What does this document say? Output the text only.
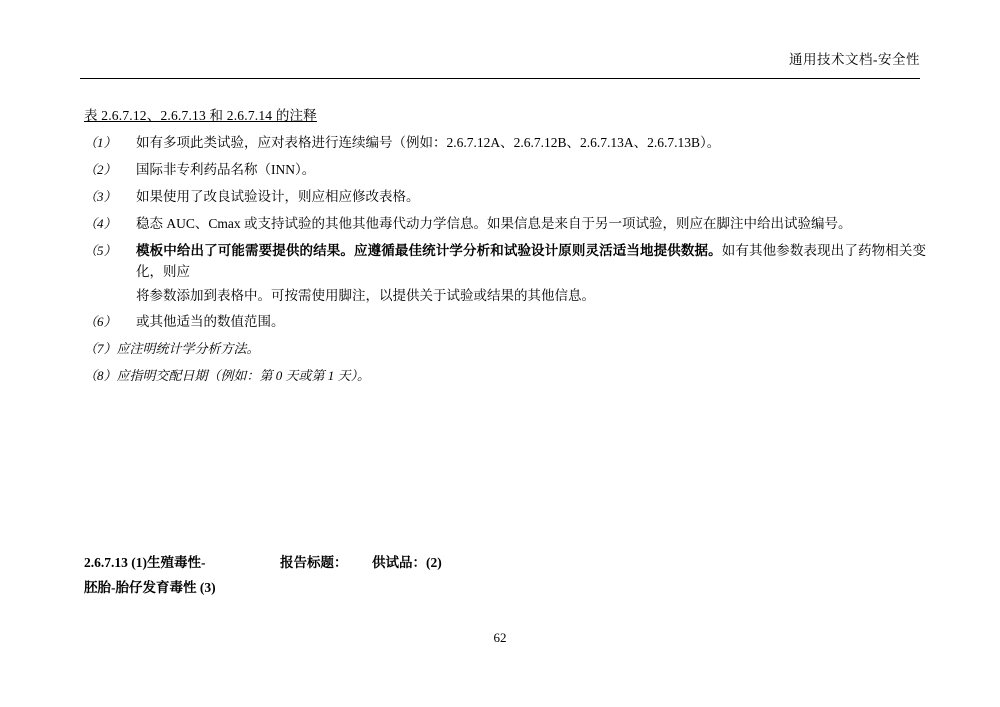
通用技术文档-安全性
表 2.6.7.12、2.6.7.13 和 2.6.7.14 的注释
（1）	如有多项此类试验，应对表格进行连续编号（例如：2.6.7.12A、2.6.7.12B、2.6.7.13A、2.6.7.13B）。
（2）	国际非专利药品名称（INN）。
（3）	如果使用了改良试验设计，则应相应修改表格。
（4）	稳态 AUC、Cmax 或支持试验的其他其他毒代动力学信息。如果信息是来自于另一项试验，则应在脚注中给出试验编号。
（5）	模板中给出了可能需要提供的结果。应遵循最佳统计学分析和试验设计原则灵活适当地提供数据。如有其他参数表现出了药物相关变化，则应
将参数添加到表格中。可按需使用脚注，以提供关于试验或结果的其他信息。
（6）	或其他适当的数值范围。
（7）应注明统计学分析方法。
（8）应指明交配日期（例如：第 0 天或第 1 天）。
2.6.7.13 (1)生殖毒性-	报告标题：	供试品：(2)
胚胎-胎仔发育毒性 (3)
62
